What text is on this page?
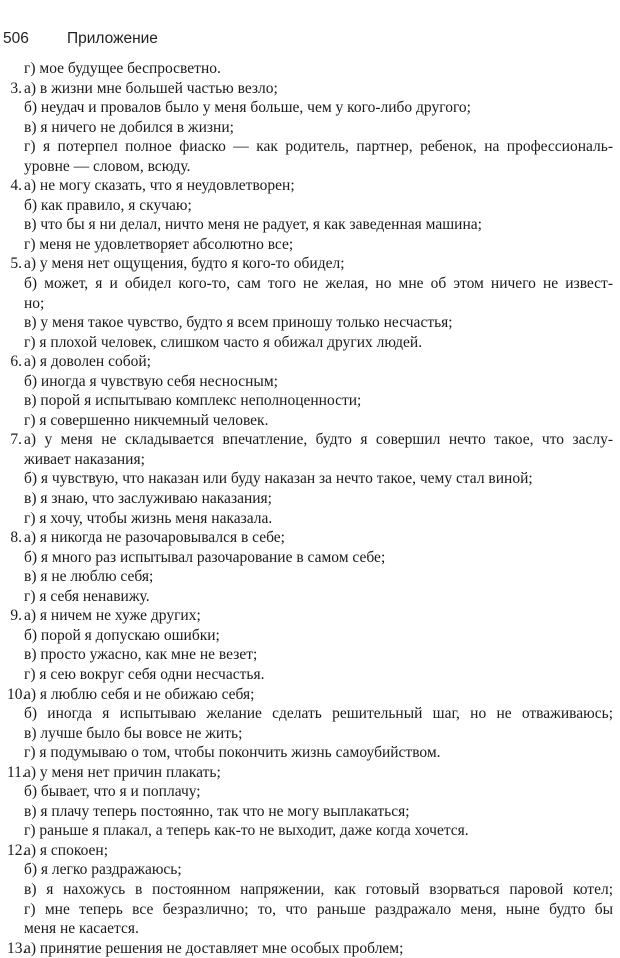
506	Приложение
г) мое будущее беспросветно.
3. а) в жизни мне большей частью везло;
б) неудач и провалов было у меня больше, чем у кого-либо другого;
в) я ничего не добился в жизни;
г) я потерпел полное фиаско — как родитель, партнер, ребенок, на профессиональ-
уровне — словом, всюду.
4. а) не могу сказать, что я неудовлетворен;
б) как правило, я скучаю;
в) что бы я ни делал, ничто меня не радует, я как заведенная машина;
г) меня не удовлетворяет абсолютно все;
5. а) у меня нет ощущения, будто я кого-то обидел;
б) может, я и обидел кого-то, сам того не желая, но мне об этом ничего не извест-
но;
в) у меня такое чувство, будто я всем приношу только несчастья;
г) я плохой человек, слишком часто я обижал других людей.
6. а) я доволен собой;
б) иногда я чувствую себя несносным;
в) порой я испытываю комплекс неполноценности;
г) я совершенно никчемный человек.
7. а) у меня не складывается впечатление, будто я совершил нечто такое, что заслу-
живает наказания;
б) я чувствую, что наказан или буду наказан за нечто такое, чему стал виной;
в) я знаю, что заслуживаю наказания;
г) я хочу, чтобы жизнь меня наказала.
8. а) я никогда не разочаровывался в себе;
б) я много раз испытывал разочарование в самом себе;
в) я не люблю себя;
г) я себя ненавижу.
9. а) я ничем не хуже других;
б) порой я допускаю ошибки;
в) просто ужасно, как мне не везет;
г) я сею вокруг себя одни несчастья.
10.а) я люблю себя и не обижаю себя;
б) иногда я испытываю желание сделать решительный шаг, но не отваживаюсь;
в) лучше было бы вовсе не жить;
г) я подумываю о том, чтобы покончить жизнь самоубийством.
11.а) у меня нет причин плакать;
б) бывает, что я и поплачу;
в) я плачу теперь постоянно, так что не могу выплакаться;
г) раньше я плакал, а теперь как-то не выходит, даже когда хочется.
12.а) я спокоен;
б) я легко раздражаюсь;
в) я нахожусь в постоянном напряжении, как готовый взорваться паровой котел;
г) мне теперь все безразлично; то, что раньше раздражало меня, ныне будто бы
меня не касается.
13.а) принятие решения не доставляет мне особых проблем;
